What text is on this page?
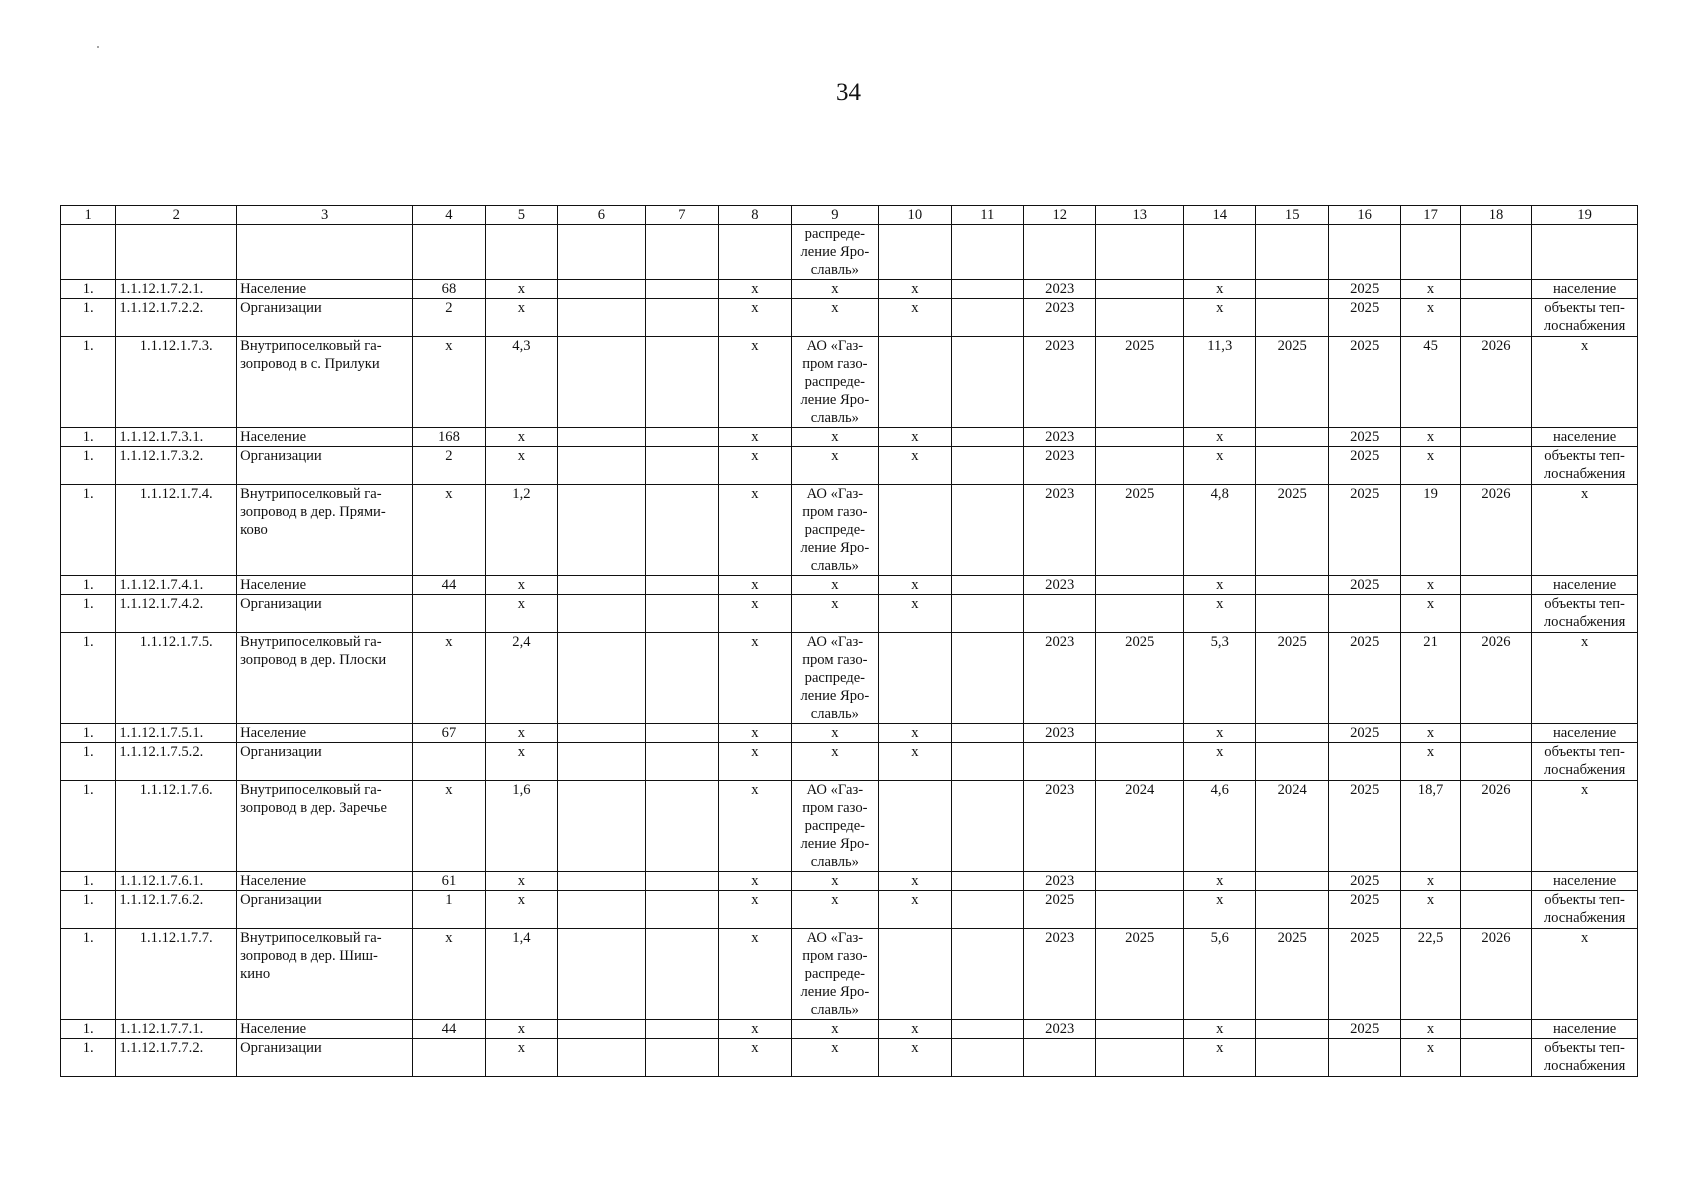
34
1	2	3	4	5	6	7	8	9	10	11	12	13	14	15	16	17	18	19
								распреде-
ление Яро-
славль»										
1.	1.1.12.1.7.2.1.	Население	68	х			х	х	х		2023		х		2025	х		население
1.	1.1.12.1.7.2.2.	Организации	2	х			х	х	х		2023		х		2025	х		объекты теп-
лоснабжения
1.	1.1.12.1.7.3.	Внутрипоселковый га-
зопровод в с. Прилуки	х	4,3			х	АО «Газ-
пром газо-
распреде-
ление Яро-
славль»			2023	2025	11,3	2025	2025	45	2026	х
1.	1.1.12.1.7.3.1.	Население	168	х			х	х	х		2023		х		2025	х		население
1.	1.1.12.1.7.3.2.	Организации	2	х			х	х	х		2023		х		2025	х		объекты теп-
лоснабжения
1.	1.1.12.1.7.4.	Внутрипоселковый га-
зопровод в дер. Прями-
ково	х	1,2			х	АО «Газ-
пром газо-
распреде-
ление Яро-
славль»			2023	2025	4,8	2025	2025	19	2026	х
1.	1.1.12.1.7.4.1.	Население	44	х			х	х	х		2023		х		2025	х		население
1.	1.1.12.1.7.4.2.	Организации		х			х	х	х				х			х		объекты теп-
лоснабжения
1.	1.1.12.1.7.5.	Внутрипоселковый га-
зопровод в дер. Плоски	х	2,4			х	АО «Газ-
пром газо-
распреде-
ление Яро-
славль»			2023	2025	5,3	2025	2025	21	2026	х
1.	1.1.12.1.7.5.1.	Население	67	х			х	х	х		2023		х		2025	х		население
1.	1.1.12.1.7.5.2.	Организации		х			х	х	х				х			х		объекты теп-
лоснабжения
1.	1.1.12.1.7.6.	Внутрипоселковый га-
зопровод в дер. Заречье	х	1,6			х	АО «Газ-
пром газо-
распреде-
ление Яро-
славль»			2023	2024	4,6	2024	2025	18,7	2026	х
1.	1.1.12.1.7.6.1.	Население	61	х			х	х	х		2023		х		2025	х		население
1.	1.1.12.1.7.6.2.	Организации	1	х			х	х	х		2025		х		2025	х		объекты теп-
лоснабжения
1.	1.1.12.1.7.7.	Внутрипоселковый га-
зопровод в дер. Шиш-
кино	х	1,4			х	АО «Газ-
пром газо-
распреде-
ление Яро-
славль»			2023	2025	5,6	2025	2025	22,5	2026	х
1.	1.1.12.1.7.7.1.	Население	44	х			х	х	х		2023		х		2025	х		население
1.	1.1.12.1.7.7.2.	Организации		х			х	х	х				х			х		объекты теп-
лоснабжения
